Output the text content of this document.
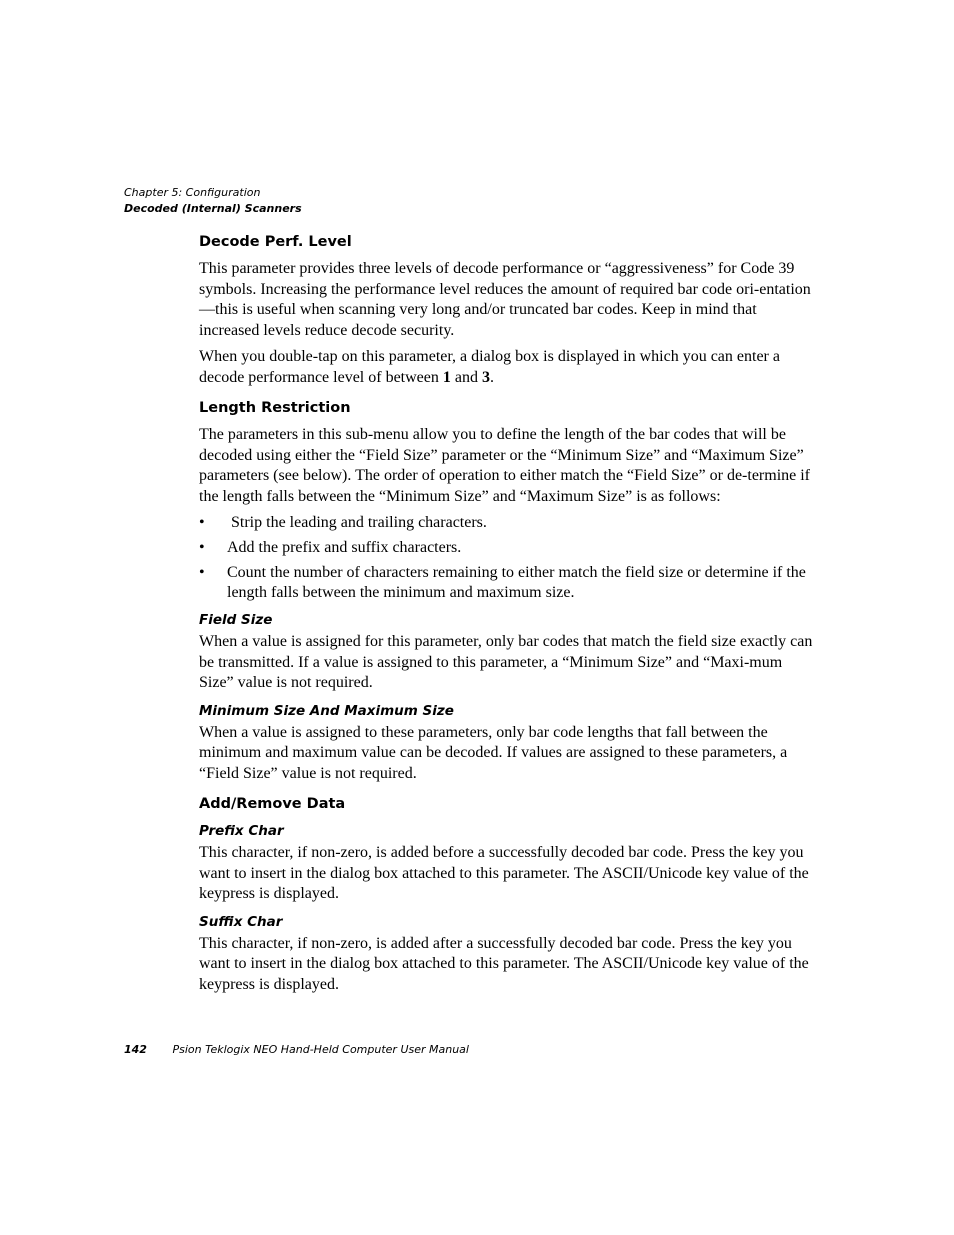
Chapter 5: Configuration
Decoded (Internal) Scanners
Decode Perf. Level

This parameter provides three levels of decode performance or “aggressiveness” for Code 39 symbols. Increasing the performance level reduces the amount of required bar code ori-entation—this is useful when scanning very long and/or truncated bar codes. Keep in mind that increased levels reduce decode security.

When you double-tap on this parameter, a dialog box is displayed in which you can enter a decode performance level of between 1 and 3.

Length Restriction

The parameters in this sub-menu allow you to define the length of the bar codes that will be decoded using either the “Field Size” parameter or the “Minimum Size” and “Maximum Size” parameters (see below). The order of operation to either match the “Field Size” or de-termine if the length falls between the “Minimum Size” and “Maximum Size” is as follows:

• Strip the leading and trailing characters.
• Add the prefix and suffix characters.
• Count the number of characters remaining to either match the field size or determine if the length falls between the minimum and maximum size.
Field Size

When a value is assigned for this parameter, only bar codes that match the field size exactly can be transmitted. If a value is assigned to this parameter, a “Minimum Size” and “Maxi-mum Size” value is not required.

Minimum Size And Maximum Size

When a value is assigned to these parameters, only bar code lengths that fall between the minimum and maximum value can be decoded. If values are assigned to these parameters, a “Field Size” value is not required.

Add/Remove Data
Prefix Char

This character, if non-zero, is added before a successfully decoded bar code. Press the key you want to insert in the dialog box attached to this parameter. The ASCII/Unicode key value of the keypress is displayed.

Suffix Char

This character, if non-zero, is added after a successfully decoded bar code. Press the key you want to insert in the dialog box attached to this parameter. The ASCII/Unicode key value of the keypress is displayed.

142 Psion Teklogix NEO Hand-Held Computer User Manual
